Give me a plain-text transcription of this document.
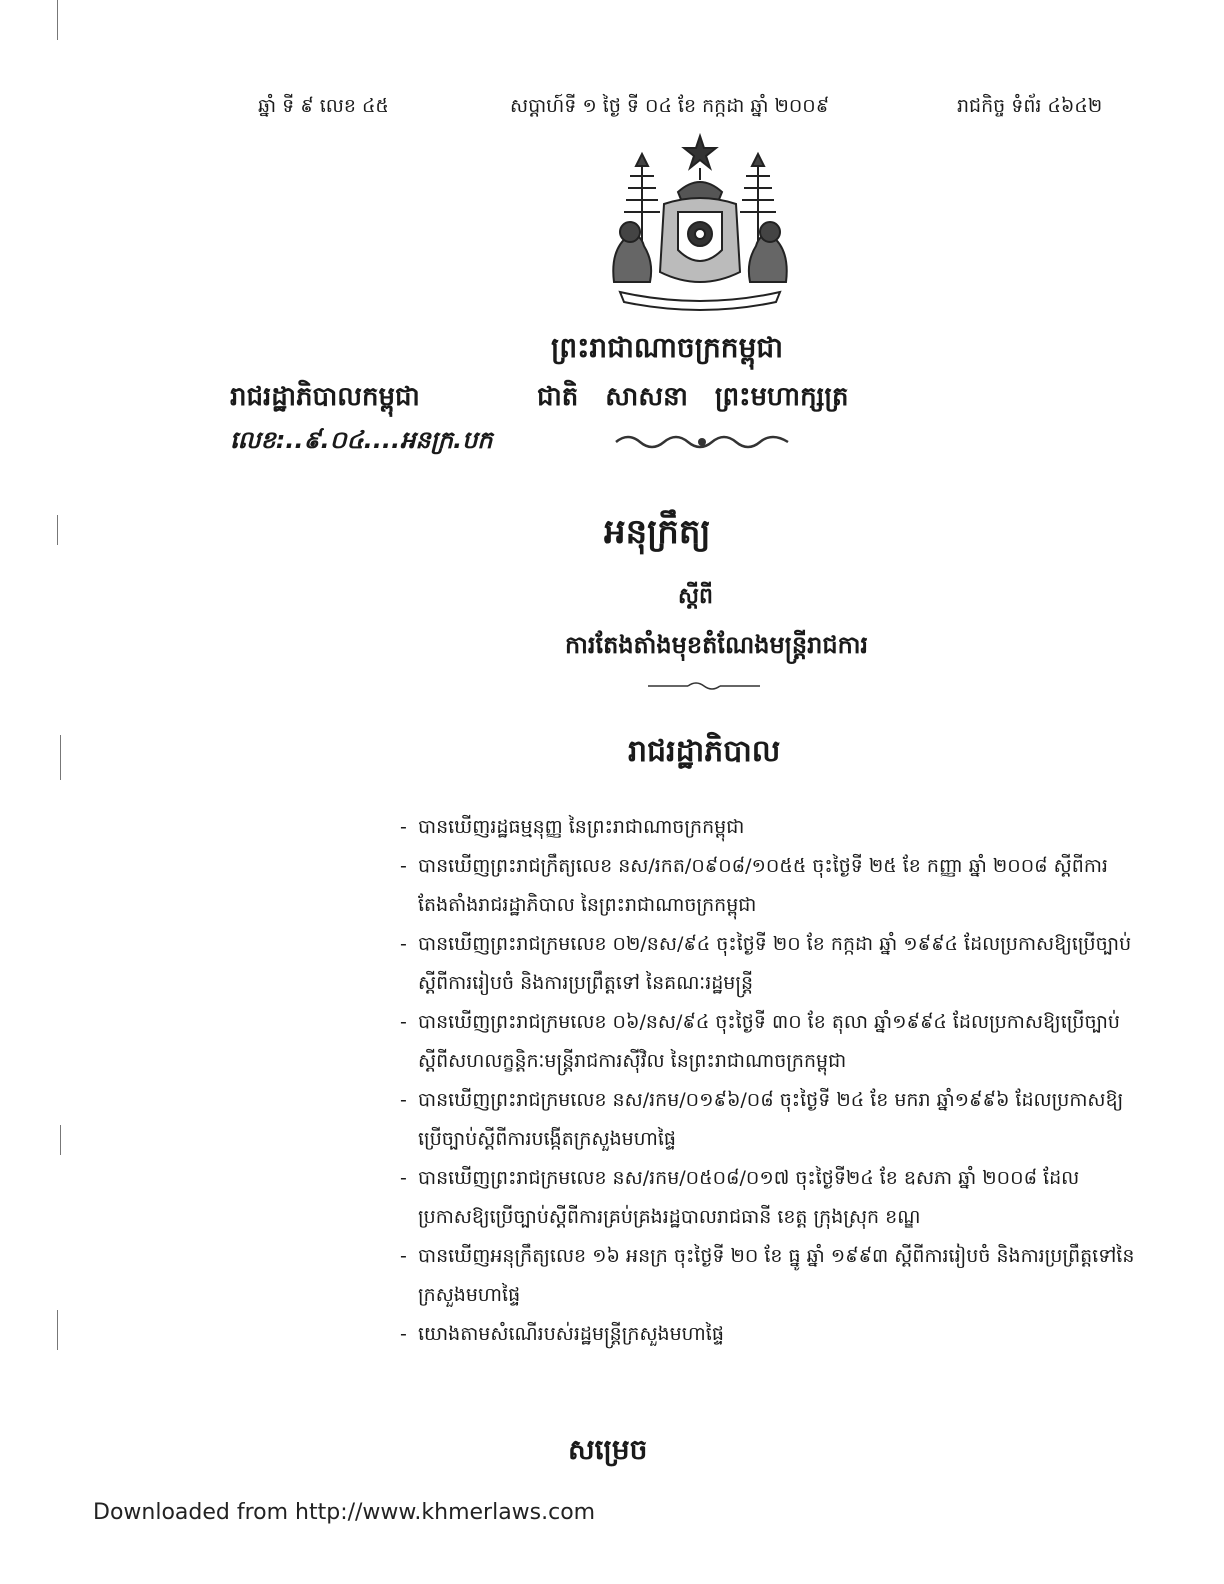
ឆ្នាំ ទី ៩ លេខ ៤៥	សប្តាហ៍ទី ១ ថ្ងៃ ទី ០៤ ខែ កក្កដា ឆ្នាំ ២០០៩	រាជកិច្ច ទំព័រ ៤៦៤២
ព្រះរាជាណាចក្រកម្ពុជា
រាជរដ្ឋាភិបាលកម្ពុជា	ជាតិ សាសនា ព្រះមហាក្សត្រ
លេខ:..៩.០៤....អនក្រ.បក
អនុក្រឹត្យ
ស្តីពី
ការតែងតាំងមុខតំណែងមន្ត្រីរាជការ
រាជរដ្ឋាភិបាល
- បានឃើញរដ្ឋធម្មនុញ្ញ នៃព្រះរាជាណាចក្រកម្ពុជា
- បានឃើញព្រះរាជក្រឹត្យលេខ នស/រកត/០៩០៨/១០៥៥ ចុះថ្ងៃទី ២៥ ខែ កញ្ញា ឆ្នាំ ២០០៨ ស្តីពីការតែងតាំងរាជរដ្ឋាភិបាល នៃព្រះរាជាណាចក្រកម្ពុជា
- បានឃើញព្រះរាជក្រមលេខ ០២/នស/៩៤ ចុះថ្ងៃទី ២០ ខែ កក្កដា ឆ្នាំ ១៩៩៤ ដែលប្រកាសឱ្យប្រើច្បាប់ស្តីពីការរៀបចំ និងការប្រព្រឹត្តទៅ នៃគណៈរដ្ឋមន្ត្រី
- បានឃើញព្រះរាជក្រមលេខ ០៦/នស/៩៤ ចុះថ្ងៃទី ៣០ ខែ តុលា ឆ្នាំ១៩៩៤ ដែលប្រកាសឱ្យប្រើច្បាប់ស្តីពីសហលក្ខន្តិកៈមន្ត្រីរាជការស៊ីវិល នៃព្រះរាជាណាចក្រកម្ពុជា
- បានឃើញព្រះរាជក្រមលេខ នស/រកម/០១៩៦/០៨ ចុះថ្ងៃទី ២៤ ខែ មករា ឆ្នាំ១៩៩៦ ដែលប្រកាសឱ្យប្រើច្បាប់ស្តីពីការបង្កើតក្រសួងមហាផ្ទៃ
- បានឃើញព្រះរាជក្រមលេខ នស/រកម/០៥០៨/០១៧ ចុះថ្ងៃទី២៤ ខែ ឧសភា ឆ្នាំ ២០០៨ ដែលប្រកាសឱ្យប្រើច្បាប់ស្តីពីការគ្រប់គ្រងរដ្ឋបាលរាជធានី ខេត្ត ក្រុងស្រុក ខណ្ឌ
- បានឃើញអនុក្រឹត្យលេខ ១៦ អនក្រ ចុះថ្ងៃទី ២០ ខែ ធ្នូ ឆ្នាំ ១៩៩៣ ស្តីពីការរៀបចំ និងការប្រព្រឹត្តទៅនៃក្រសួងមហាផ្ទៃ
- យោងតាមសំណើរបស់រដ្ឋមន្ត្រីក្រសួងមហាផ្ទៃ
សម្រេច
Downloaded from http://www.khmerlaws.com
